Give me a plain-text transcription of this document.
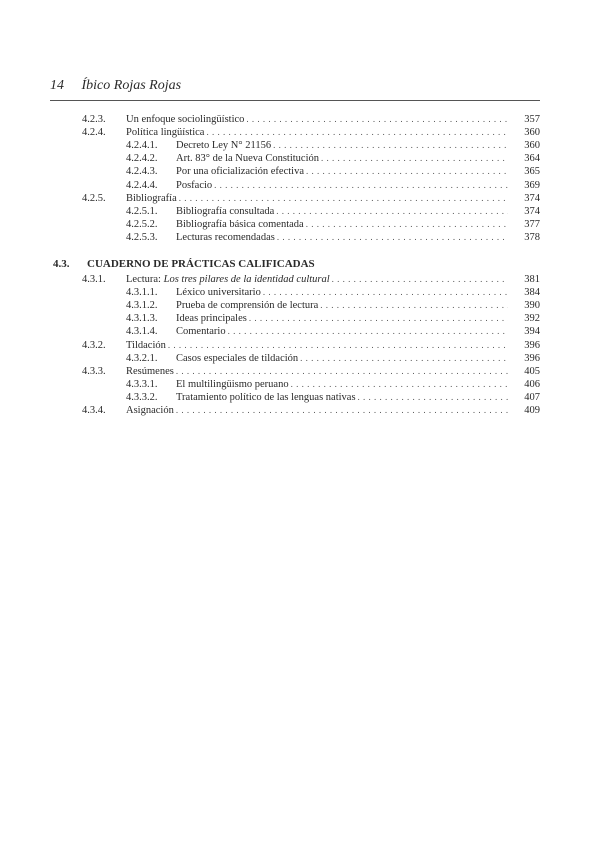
14 Íbico Rojas Rojas
4.2.3.	Un enfoque sociolingüístico . . .	357
4.2.4.	Política lingüística . . .	360
4.2.4.1.	Decreto Ley N° 21156 . . .	360
4.2.4.2.	Art. 83° de la Nueva Constitución . . .	364
4.2.4.3.	Por una oficialización efectiva . . .	365
4.2.4.4.	Posfacio . . .	369
4.2.5.	Bibliografía . . .	374
4.2.5.1.	Bibliografía consultada . . .	374
4.2.5.2.	Bibliografía básica comentada . . .	377
4.2.5.3.	Lecturas recomendadas . . .	378
4.3. CUADERNO DE PRÁCTICAS CALIFICADAS
4.3.1.	Lectura: Los tres pilares de la identidad cultural . . .	381
4.3.1.1.	Léxico universitario . . .	384
4.3.1.2.	Prueba de comprensión de lectura . . .	390
4.3.1.3.	Ideas principales . . .	392
4.3.1.4.	Comentario . . .	394
4.3.2.	Tildación . . .	396
4.3.2.1.	Casos especiales de tildación . . .	396
4.3.3.	Resúmenes . . .	405
4.3.3.1.	El multilingüismo peruano . . .	406
4.3.3.2.	Tratamiento político de las lenguas nativas . . .	407
4.3.4.	Asignación . . .	409
